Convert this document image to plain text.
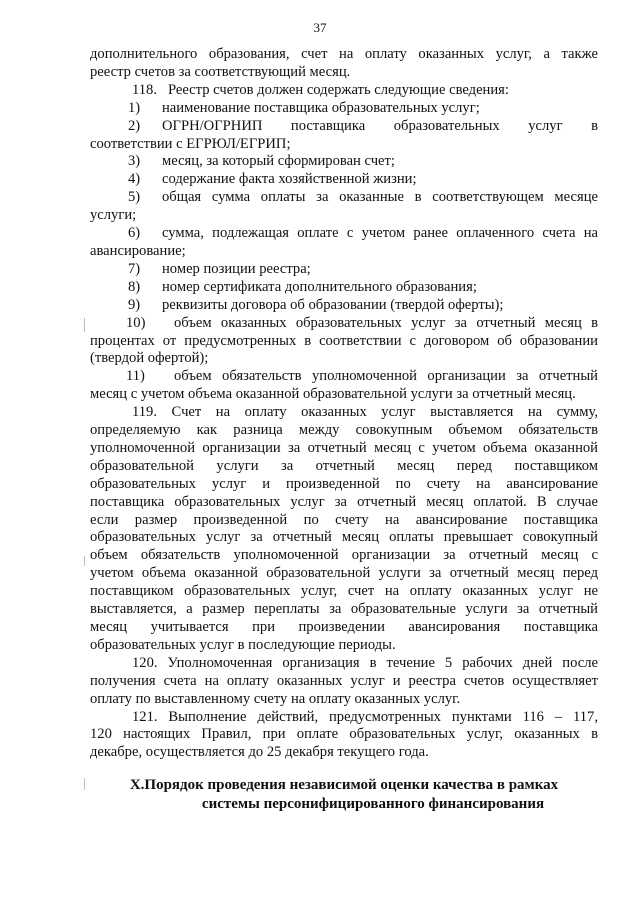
37

дополнительного образования, счет на оплату оказанных услуг, а также

реестр счетов за соответствующий месяц.

118.   Реестр счетов должен содержать следующие сведения:

1)	наименование поставщика образовательных услуг;
2)	ОГРН/ОГРНИП поставщика образовательных услуг в

соответствии с ЕГРЮЛ/ЕГРИП;

3)	месяц, за который сформирован счет;
4)	содержание факта хозяйственной жизни;
5)	общая сумма оплаты за оказанные в соответствующем месяце

услуги;

6)	сумма, подлежащая оплате с учетом ранее оплаченного счета на

авансирование;

7)	номер позиции реестра;
8)	номер сертификата дополнительного образования;
9)	реквизиты договора об образовании (твердой оферты);
10)	объем оказанных образовательных услуг за отчетный месяц в

процентах от предусмотренных в соответствии с договором об образовании

(твердой офертой);

11)	объем обязательств уполномоченной организации за отчетный

месяц с учетом объема оказанной образовательной услуги за отчетный месяц.

119. Счет на оплату оказанных услуг выставляется на сумму,

определяемую как разница между совокупным объемом обязательств

уполномоченной организации за отчетный месяц с учетом объема оказанной

образовательной услуги за отчетный месяц перед поставщиком

образовательных услуг и произведенной по счету на авансирование

поставщика образовательных услуг за отчетный месяц оплатой. В случае

если размер произведенной по счету на авансирование поставщика

образовательных услуг за отчетный месяц оплаты превышает совокупный

объем обязательств уполномоченной организации за отчетный месяц с

учетом объема оказанной образовательной услуги за отчетный месяц перед

поставщиком образовательных услуг, счет на оплату оказанных услуг не

выставляется, а размер переплаты за образовательные услуги за отчетный

месяц учитывается при произведении авансирования поставщика

образовательных услуг в последующие периоды.

120. Уполномоченная организация в течение 5 рабочих дней после

получения счета на оплату оказанных услуг и реестра счетов осуществляет

оплату по выставленному счету на оплату оказанных услуг.

121. Выполнение действий, предусмотренных пунктами 116 – 117,

120 настоящих Правил, при оплате образовательных услуг, оказанных в

декабре, осуществляется до 25 декабря текущего года.

X.Порядок проведения независимой оценки качества в рамках

системы персонифицированного финансирования
